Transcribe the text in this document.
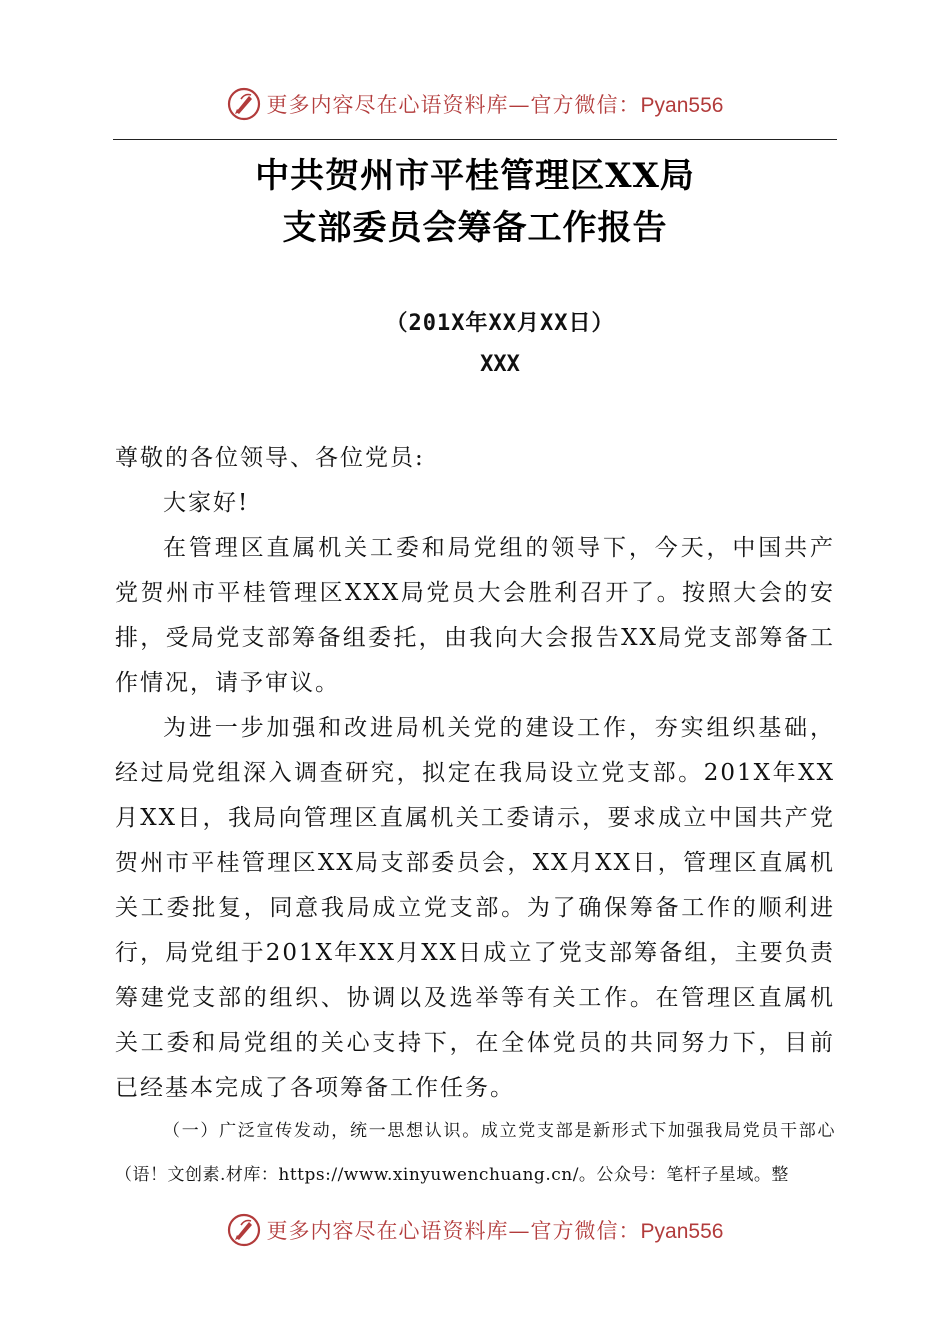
更多内容尽在心语资料库—官方微信：Pyan556
中共贺州市平桂管理区XX局
支部委员会筹备工作报告
（201X年XX月XX日）
XXX

尊敬的各位领导、各位党员:

大家好!

在管理区直属机关工委和局党组的领导下，今天，中国共产党贺州市平桂管理区XXX局党员大会胜利召开了。按照大会的安排，受局党支部筹备组委托，由我向大会报告XX局党支部筹备工作情况，请予审议。

为进一步加强和改进局机关党的建设工作，夯实组织基础，经过局党组深入调查研究，拟定在我局设立党支部。201X年XX月XX日，我局向管理区直属机关工委请示，要求成立中国共产党贺州市平桂管理区XX局支部委员会，XX月XX日，管理区直属机关工委批复，同意我局成立党支部。为了确保筹备工作的顺利进行，局党组于201X年XX月XX日成立了党支部筹备组，主要负责筹建党支部的组织、协调以及选举等有关工作。在管理区直属机关工委和局党组的关心支持下，在全体党员的共同努力下，目前已经基本完成了各项筹备工作任务。

（一）广泛宣传发动，统一思想认识。成立党支部是新形式下加强我局党员干部心（语！文创素.材库：https://www.xinyuwenchuang.cn/。公众号：笔杆子星域。整
更多内容尽在心语资料库—官方微信：Pyan556
